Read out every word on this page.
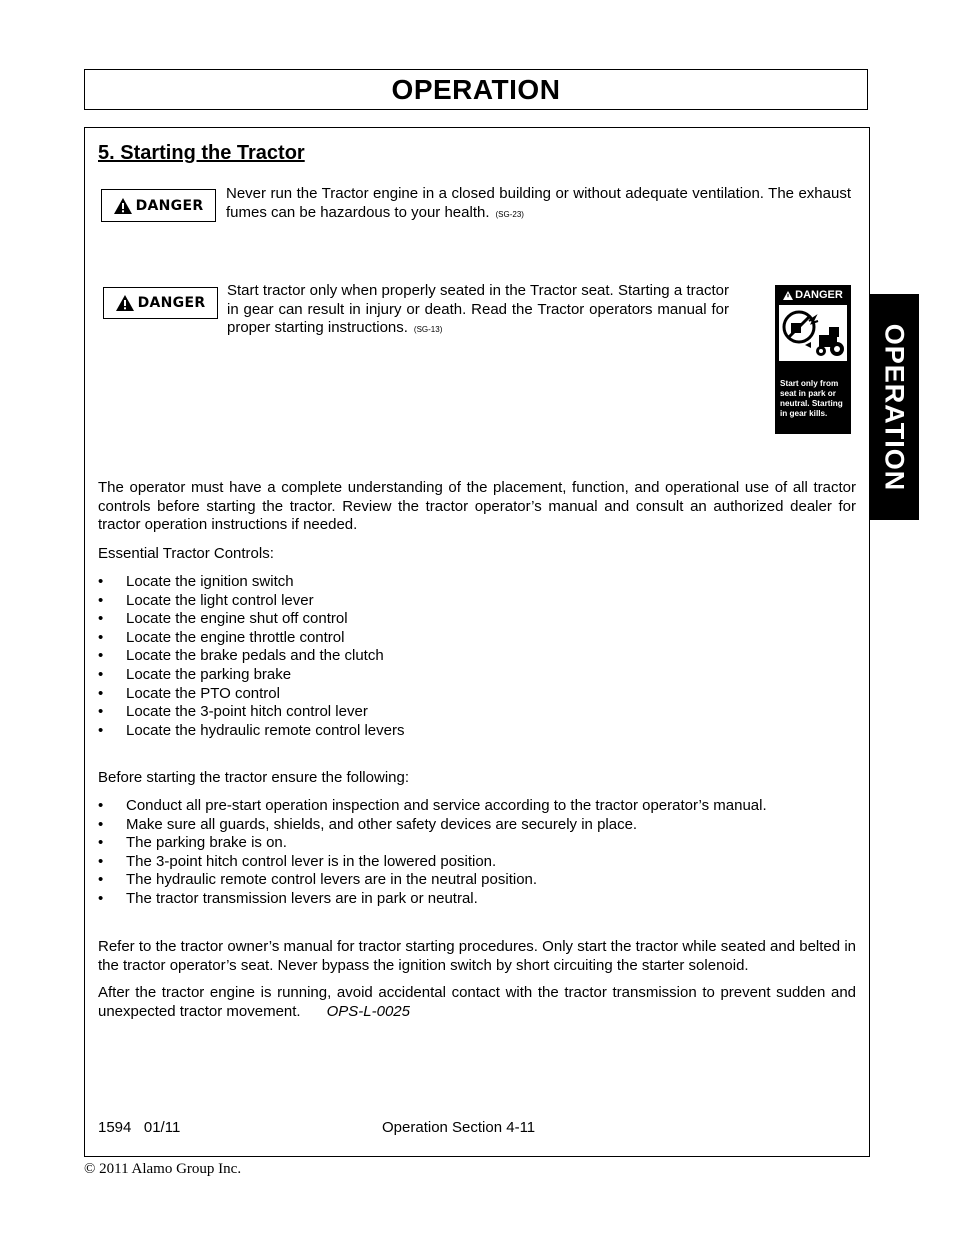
OPERATION
5. Starting the Tractor
DANGER
Never run the Tractor engine in a closed building or without adequate ventilation. The exhaust fumes can be hazardous to your health. (SG-23)
DANGER
Start tractor only when properly seated in the Tractor seat. Starting a tractor in gear can result in injury or death. Read the Tractor operators manual for proper starting instructions. (SG-13)
DANGER
Start only from seat in park or neutral. Starting in gear kills.	OPERATION
The operator must have a complete understanding of the placement, function, and operational use of all tractor controls before starting the tractor. Review the tractor operator’s manual and consult an authorized dealer for tractor operation instructions if needed.
Essential Tractor Controls:
• Locate the ignition switch
• Locate the light control lever
• Locate the engine shut off control
• Locate the engine throttle control
• Locate the brake pedals and the clutch
• Locate the parking brake
• Locate the PTO control
• Locate the 3-point hitch control lever
• Locate the hydraulic remote control levers
Before starting the tractor ensure the following:
• Conduct all pre-start operation inspection and service according to the tractor operator’s manual.
• Make sure all guards, shields, and other safety devices are securely in place.
• The parking brake is on.
• The 3-point hitch control lever is in the lowered position.
• The hydraulic remote control levers are in the neutral position.
• The tractor transmission levers are in park or neutral.
Refer to the tractor owner’s manual for tractor starting procedures. Only start the tractor while seated and belted in the tractor operator’s seat. Never bypass the ignition switch by short circuiting the starter solenoid.
After the tractor engine is running, avoid accidental contact with the tractor transmission to prevent sudden and unexpected tractor movement. OPS-L-0025
1594   01/11	Operation Section 4-11
© 2011 Alamo Group Inc.
